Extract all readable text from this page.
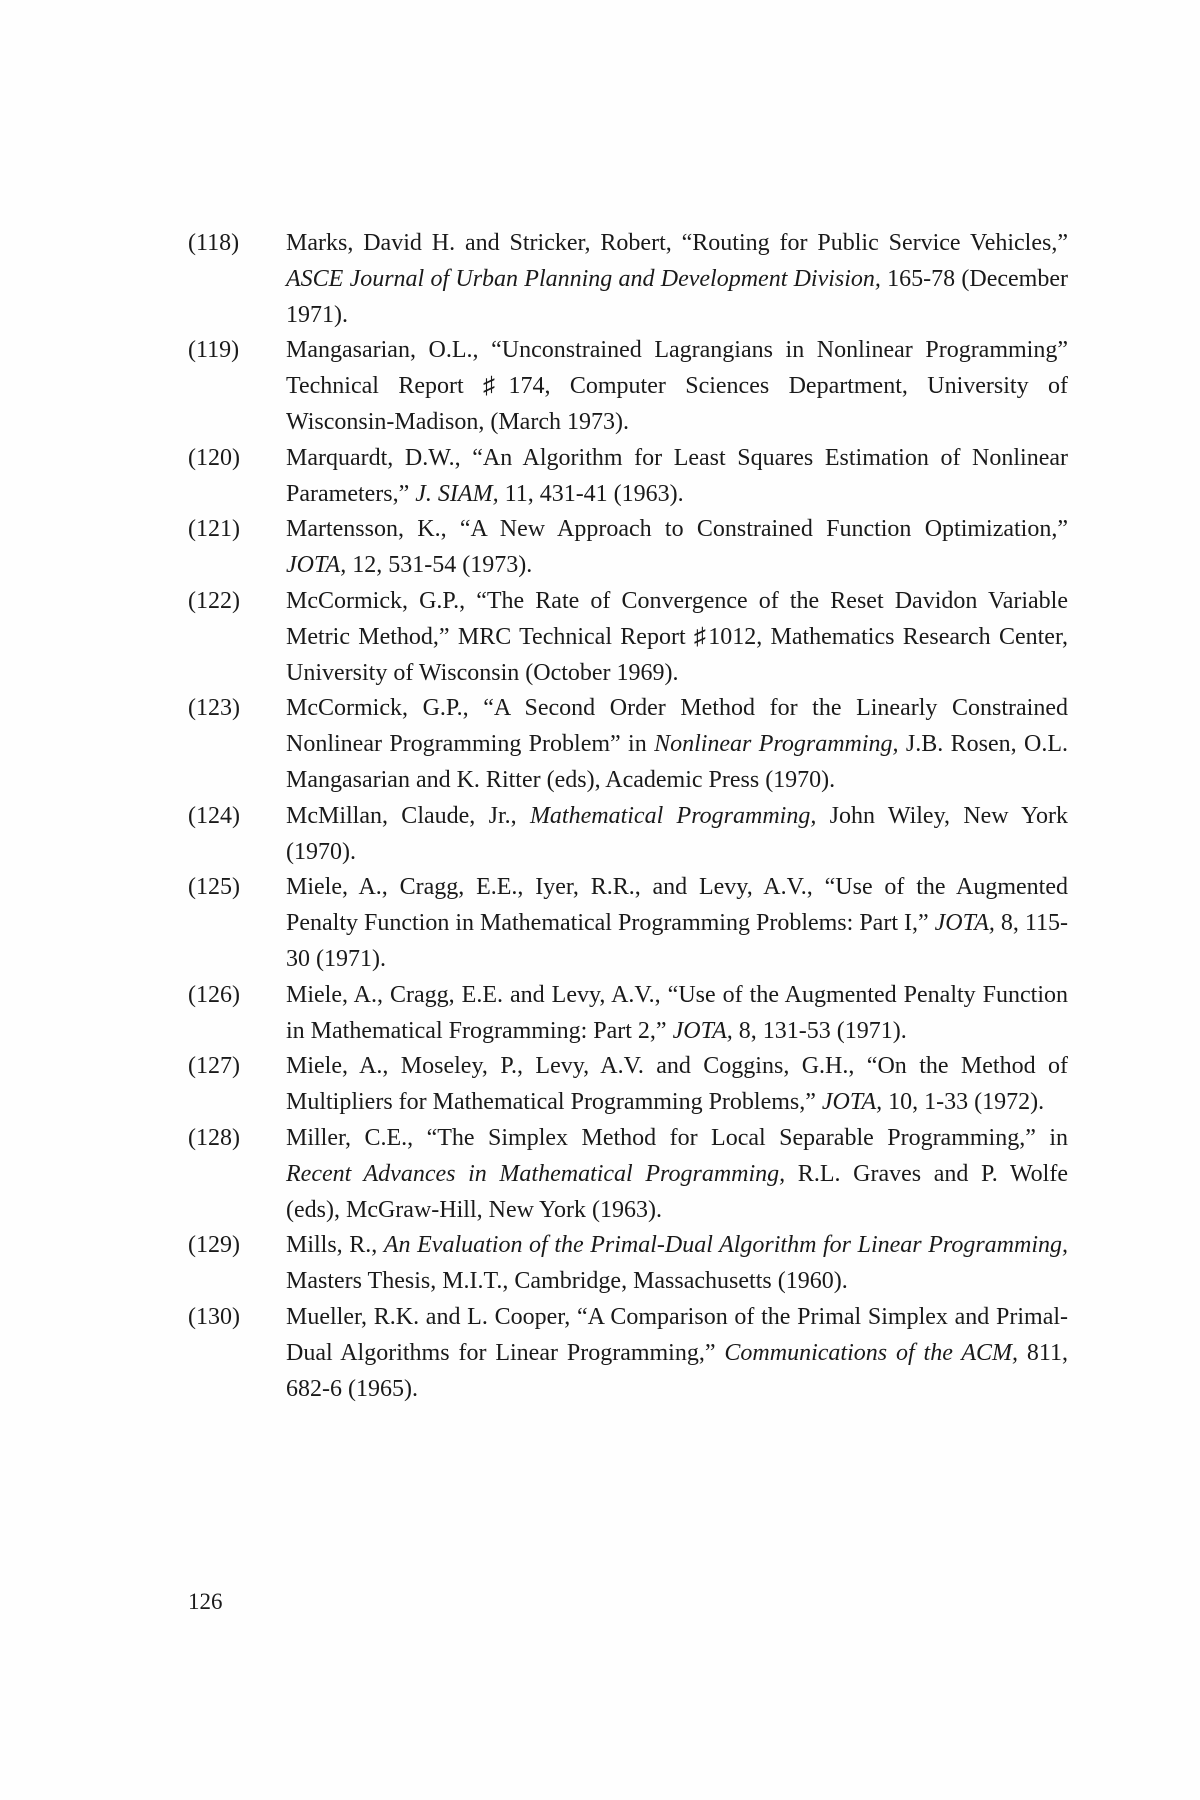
(118)	Marks, David H. and Stricker, Robert, “Routing for Public Service Vehicles,” ASCE Journal of Urban Planning and Development Division, 165-78 (December 1971).
(119)	Mangasarian, O.L., “Unconstrained Lagrangians in Nonlinear Programming” Technical Report ♯174, Computer Sciences Department, University of Wisconsin-Madison, (March 1973).
(120)	Marquardt, D.W., “An Algorithm for Least Squares Estimation of Nonlinear Parameters,” J. SIAM, 11, 431-41 (1963).
(121)	Martensson, K., “A New Approach to Constrained Function Optimization,” JOTA, 12, 531-54 (1973).
(122)	McCormick, G.P., “The Rate of Convergence of the Reset Davidon Variable Metric Method,” MRC Technical Report ♯1012, Mathematics Research Center, University of Wisconsin (October 1969).
(123)	McCormick, G.P., “A Second Order Method for the Linearly Constrained Nonlinear Programming Problem” in Nonlinear Programming, J.B. Rosen, O.L. Mangasarian and K. Ritter (eds), Academic Press (1970).
(124)	McMillan, Claude, Jr., Mathematical Programming, John Wiley, New York (1970).
(125)	Miele, A., Cragg, E.E., Iyer, R.R., and Levy, A.V., “Use of the Augmented Penalty Function in Mathematical Programming Problems: Part I,” JOTA, 8, 115-30 (1971).
(126)	Miele, A., Cragg, E.E. and Levy, A.V., “Use of the Augmented Penalty Function in Mathematical Frogramming: Part 2,” JOTA, 8, 131-53 (1971).
(127)	Miele, A., Moseley, P., Levy, A.V. and Coggins, G.H., “On the Method of Multipliers for Mathematical Programming Problems,” JOTA, 10, 1-33 (1972).
(128)	Miller, C.E., “The Simplex Method for Local Separable Programming,” in Recent Advances in Mathematical Programming, R.L. Graves and P. Wolfe (eds), McGraw-Hill, New York (1963).
(129)	Mills, R., An Evaluation of the Primal-Dual Algorithm for Linear Programming, Masters Thesis, M.I.T., Cambridge, Massachusetts (1960).
(130)	Mueller, R.K. and L. Cooper, “A Comparison of the Primal Simplex and Primal-Dual Algorithms for Linear Programming,” Communications of the ACM, 811, 682-6 (1965).
126
